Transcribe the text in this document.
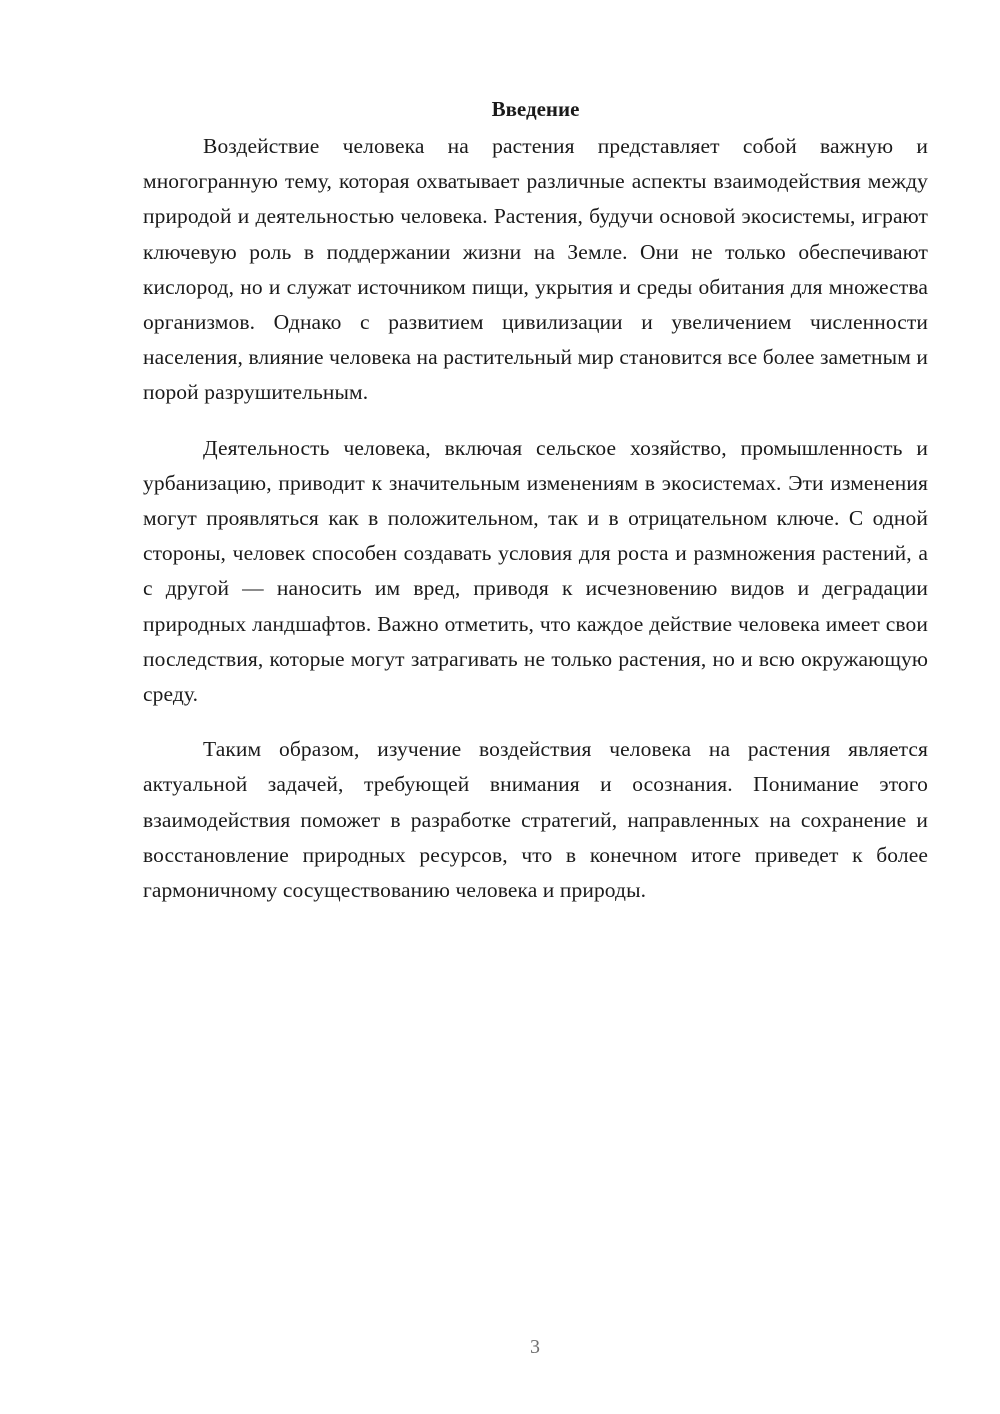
Введение

Воздействие человека на растения представляет собой важную и многогранную тему, которая охватывает различные аспекты взаимодействия между природой и деятельностью человека. Растения, будучи основой экосистемы, играют ключевую роль в поддержании жизни на Земле. Они не только обеспечивают кислород, но и служат источником пищи, укрытия и среды обитания для множества организмов. Однако с развитием цивилизации и увеличением численности населения, влияние человека на растительный мир становится все более заметным и порой разрушительным.

Деятельность человека, включая сельское хозяйство, промышленность и урбанизацию, приводит к значительным изменениям в экосистемах. Эти изменения могут проявляться как в положительном, так и в отрицательном ключе. С одной стороны, человек способен создавать условия для роста и размножения растений, а с другой — наносить им вред, приводя к исчезновению видов и деградации природных ландшафтов. Важно отметить, что каждое действие человека имеет свои последствия, которые могут затрагивать не только растения, но и всю окружающую среду.

Таким образом, изучение воздействия человека на растения является актуальной задачей, требующей внимания и осознания. Понимание этого взаимодействия поможет в разработке стратегий, направленных на сохранение и восстановление природных ресурсов, что в конечном итоге приведет к более гармоничному сосуществованию человека и природы.

3
